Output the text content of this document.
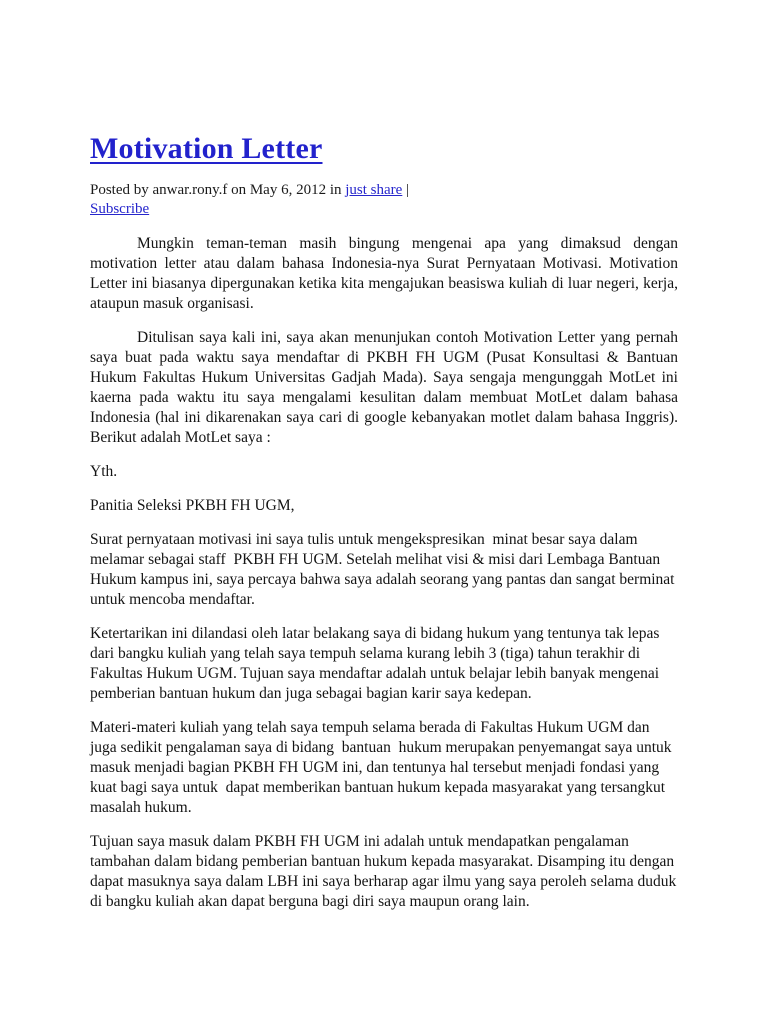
Motivation Letter

Posted by anwar.rony.f on May 6, 2012 in just share |
Subscribe

Mungkin teman-teman masih bingung mengenai apa yang dimaksud dengan motivation letter atau dalam bahasa Indonesia-nya Surat Pernyataan Motivasi. Motivation Letter ini biasanya dipergunakan ketika kita mengajukan beasiswa kuliah di luar negeri, kerja, ataupun masuk organisasi.

Ditulisan saya kali ini, saya akan menunjukan contoh Motivation Letter yang pernah saya buat pada waktu saya mendaftar di PKBH FH UGM (Pusat Konsultasi & Bantuan Hukum Fakultas Hukum Universitas Gadjah Mada). Saya sengaja mengunggah MotLet ini kaerna pada waktu itu saya mengalami kesulitan dalam membuat MotLet dalam bahasa Indonesia (hal ini dikarenakan saya cari di google kebanyakan motlet dalam bahasa Inggris). Berikut adalah MotLet saya :

Yth.

Panitia Seleksi PKBH FH UGM,

Surat pernyataan motivasi ini saya tulis untuk mengekspresikan  minat besar saya dalam melamar sebagai staff  PKBH FH UGM. Setelah melihat visi & misi dari Lembaga Bantuan Hukum kampus ini, saya percaya bahwa saya adalah seorang yang pantas dan sangat berminat untuk mencoba mendaftar.

Ketertarikan ini dilandasi oleh latar belakang saya di bidang hukum yang tentunya tak lepas dari bangku kuliah yang telah saya tempuh selama kurang lebih 3 (tiga) tahun terakhir di Fakultas Hukum UGM. Tujuan saya mendaftar adalah untuk belajar lebih banyak mengenai pemberian bantuan hukum dan juga sebagai bagian karir saya kedepan.

Materi-materi kuliah yang telah saya tempuh selama berada di Fakultas Hukum UGM dan juga sedikit pengalaman saya di bidang  bantuan  hukum merupakan penyemangat saya untuk masuk menjadi bagian PKBH FH UGM ini, dan tentunya hal tersebut menjadi fondasi yang kuat bagi saya untuk  dapat memberikan bantuan hukum kepada masyarakat yang tersangkut masalah hukum.

Tujuan saya masuk dalam PKBH FH UGM ini adalah untuk mendapatkan pengalaman tambahan dalam bidang pemberian bantuan hukum kepada masyarakat. Disamping itu dengan dapat masuknya saya dalam LBH ini saya berharap agar ilmu yang saya peroleh selama duduk di bangku kuliah akan dapat berguna bagi diri saya maupun orang lain.
